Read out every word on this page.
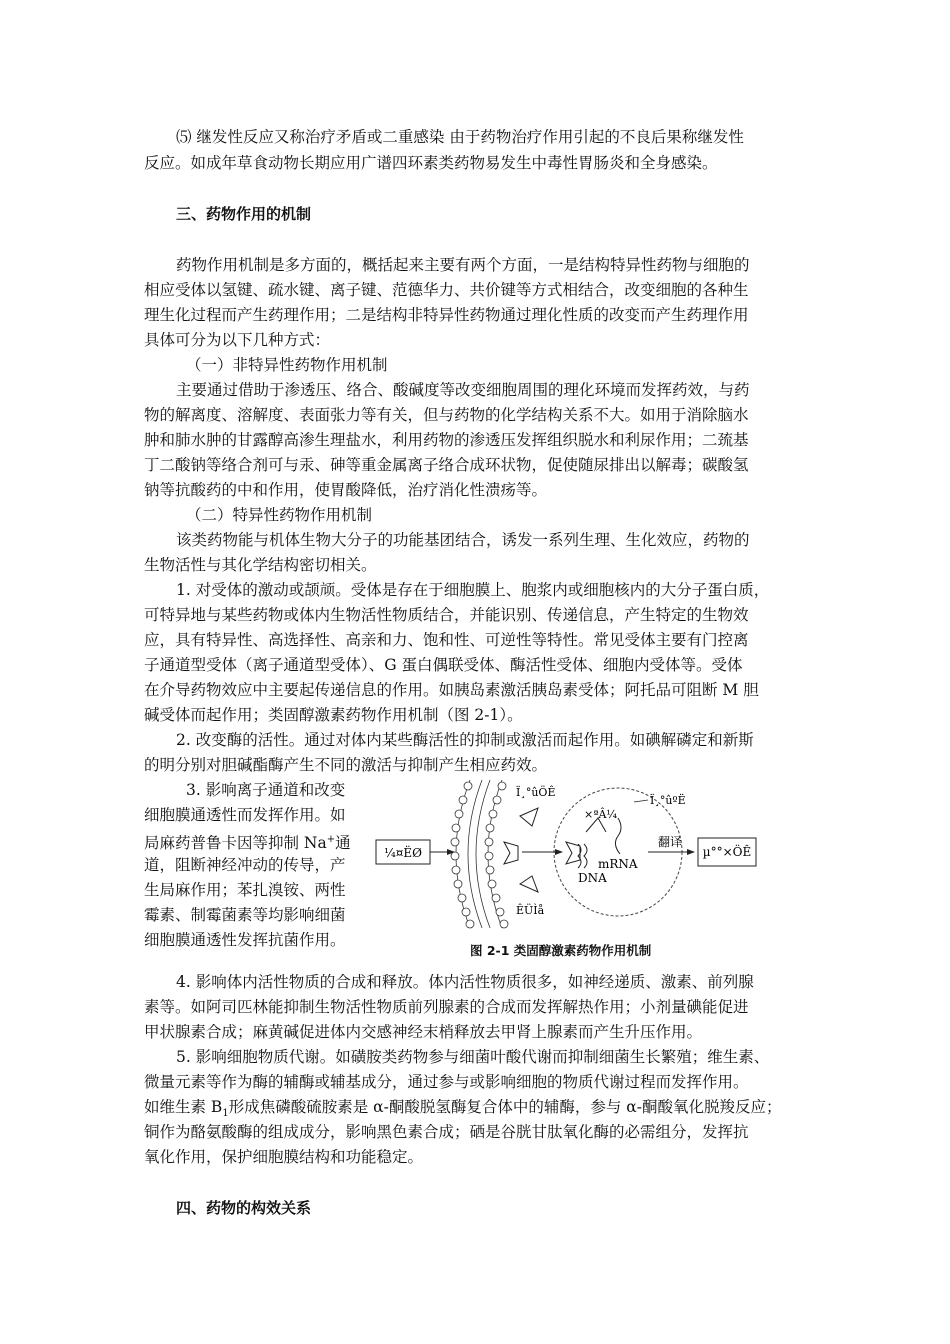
⑸ 继发性反应又称治疗矛盾或二重感染 由于药物治疗作用引起的不良后果称继发性
反应。如成年草食动物长期应用广谱四环素类药物易发生中毒性胃肠炎和全身感染。
三、药物作用的机制
药物作用机制是多方面的，概括起来主要有两个方面，一是结构特异性药物与细胞的
相应受体以氢键、疏水键、离子键、范德华力、共价键等方式相结合，改变细胞的各种生
理生化过程而产生药理作用；二是结构非特异性药物通过理化性质的改变而产生药理作用
具体可分为以下几种方式：
（一）非特异性药物作用机制
主要通过借助于渗透压、络合、酸碱度等改变细胞周围的理化环境而发挥药效，与药
物的解离度、溶解度、表面张力等有关，但与药物的化学结构关系不大。如用于消除脑水
肿和肺水肿的甘露醇高渗生理盐水，利用药物的渗透压发挥组织脱水和利尿作用；二巯基
丁二酸钠等络合剂可与汞、砷等重金属离子络合成环状物，促使随尿排出以解毒；碳酸氢
钠等抗酸药的中和作用，使胃酸降低，治疗消化性溃疡等。
（二）特异性药物作用机制
该类药物能与机体生物大分子的功能基团结合，诱发一系列生理、生化效应，药物的
生物活性与其化学结构密切相关。
1. 对受体的激动或颉颃。受体是存在于细胞膜上、胞浆内或细胞核内的大分子蛋白质，
可特异地与某些药物或体内生物活性物质结合，并能识别、传递信息，产生特定的生物效
应，具有特异性、高选择性、高亲和力、饱和性、可逆性等特性。常见受体主要有门控离
子通道型受体（离子通道型受体）、G 蛋白偶联受体、酶活性受体、细胞内受体等。受体
在介导药物效应中主要起传递信息的作用。如胰岛素激活胰岛素受体；阿托品可阻断 M 胆
碱受体而起作用；类固醇激素药物作用机制（图 2-1）。
2. 改变酶的活性。通过对体内某些酶活性的抑制或激活而起作用。如碘解磷定和新斯
的明分别对胆碱酯酶产生不同的激活与抑制产生相应药效。
3. 影响离子通道和改变
细胞膜通透性而发挥作用。如
局麻药普鲁卡因等抑制 Na+通
道，阻断神经冲动的传导，产
生局麻作用；苯扎溴铵、两性
霉素、制霉菌素等均影响细菌
细胞膜通透性发挥抗菌作用。
¼¤ËØ
Ï¸°ûÖÊ
ÊÜÌå
DNA
×ªÂ¼
mRNA
Ï¸°ûºË
翻译
µ°°×ÖÊ
图 2-1 类固醇激素药物作用机制
4. 影响体内活性物质的合成和释放。体内活性物质很多，如神经递质、激素、前列腺
素等。如阿司匹林能抑制生物活性物质前列腺素的合成而发挥解热作用；小剂量碘能促进
甲状腺素合成；麻黄碱促进体内交感神经末梢释放去甲肾上腺素而产生升压作用。
5. 影响细胞物质代谢。如磺胺类药物参与细菌叶酸代谢而抑制细菌生长繁殖；维生素、
微量元素等作为酶的辅酶或辅基成分，通过参与或影响细胞的物质代谢过程而发挥作用。
如维生素 $B_1$形成焦磷酸硫胺素是 α-酮酸脱氢酶复合体中的辅酶，参与 α-酮酸氧化脱羧反应；
铜作为酪氨酸酶的组成成分，影响黑色素合成；硒是谷胱甘肽氧化酶的必需组分，发挥抗
氧化作用，保护细胞膜结构和功能稳定。
四、药物的构效关系
